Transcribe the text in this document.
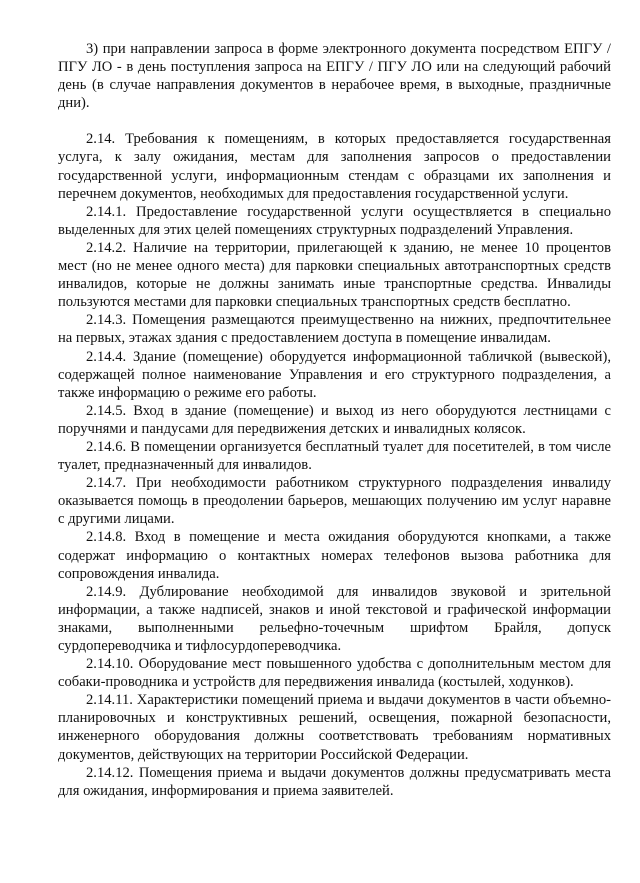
3) при направлении запроса в форме электронного документа посредством ЕПГУ /ПГУ ЛО - в день поступления запроса на ЕПГУ / ПГУ ЛО или на следующий рабочий день (в случае направления документов в нерабочее время, в выходные, праздничные дни).

2.14. Требования к помещениям, в которых предоставляется государственная услуга, к залу ожидания, местам для заполнения запросов о предоставлении государственной услуги, информационным стендам с образцами их заполнения и перечнем документов, необходимых для предоставления государственной услуги.

2.14.1. Предоставление государственной услуги осуществляется в специально выделенных для этих целей помещениях структурных подразделений Управления.

2.14.2. Наличие на территории, прилегающей к зданию, не менее 10 процентов мест (но не менее одного места) для парковки специальных автотранспортных средств инвалидов, которые не должны занимать иные транспортные средства. Инвалиды пользуются местами для парковки специальных транспортных средств бесплатно.

2.14.3. Помещения размещаются преимущественно на нижних, предпочтительнее на первых, этажах здания с предоставлением доступа в помещение инвалидам.

2.14.4. Здание (помещение) оборудуется информационной табличкой (вывеской), содержащей полное наименование Управления и его структурного подразделения, а также информацию о режиме его работы.

2.14.5. Вход в здание (помещение) и выход из него оборудуются лестницами с поручнями и пандусами для передвижения детских и инвалидных колясок.

2.14.6. В помещении организуется бесплатный туалет для посетителей, в том числе туалет, предназначенный для инвалидов.

2.14.7. При необходимости работником структурного подразделения инвалиду оказывается помощь в преодолении барьеров, мешающих получению им услуг наравне с другими лицами.

2.14.8. Вход в помещение и места ожидания оборудуются кнопками, а также содержат информацию о контактных номерах телефонов вызова работника для сопровождения инвалида.

2.14.9. Дублирование необходимой для инвалидов звуковой и зрительной информации, а также надписей, знаков и иной текстовой и графической информации знаками, выполненными рельефно-точечным шрифтом Брайля, допуск сурдопереводчика и тифлосурдопереводчика.

2.14.10. Оборудование мест повышенного удобства с дополнительным местом для собаки-проводника и устройств для передвижения инвалида (костылей, ходунков).

2.14.11. Характеристики помещений приема и выдачи документов в части объемно-планировочных и конструктивных решений, освещения, пожарной безопасности, инженерного оборудования должны соответствовать требованиям нормативных документов, действующих на территории Российской Федерации.

2.14.12. Помещения приема и выдачи документов должны предусматривать места для ожидания, информирования и приема заявителей.
